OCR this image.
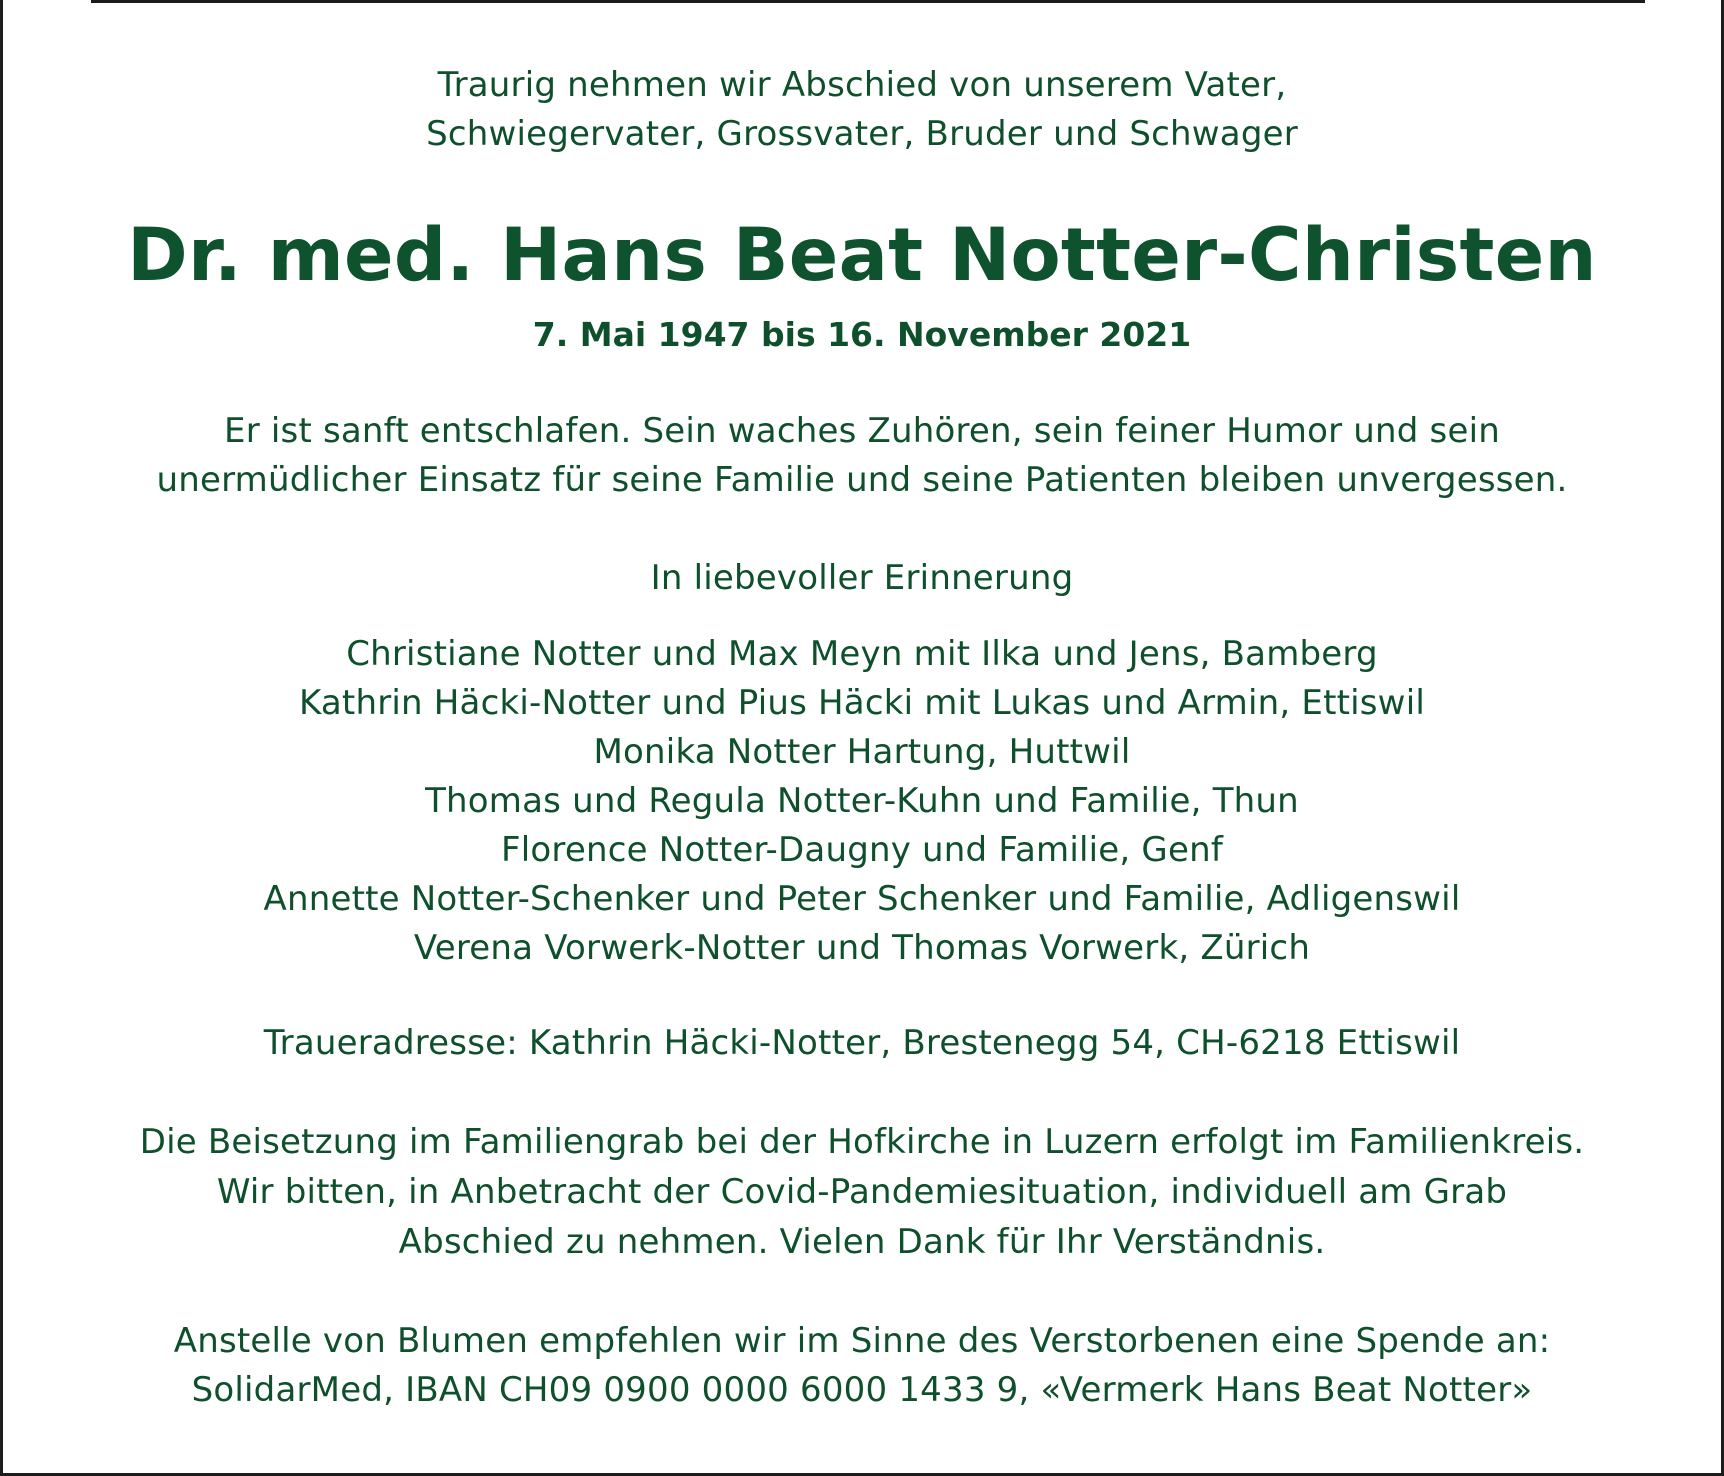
Traurig nehmen wir Abschied von unserem Vater,
Schwiegervater, Grossvater, Bruder und Schwager
Dr. med. Hans Beat Notter-Christen
7. Mai 1947 bis 16. November 2021
Er ist sanft entschlafen. Sein waches Zuhören, sein feiner Humor und sein
unermüdlicher Einsatz für seine Familie und seine Patienten bleiben unvergessen.
In liebevoller Erinnerung
Christiane Notter und Max Meyn mit Ilka und Jens, Bamberg
Kathrin Häcki-Notter und Pius Häcki mit Lukas und Armin, Ettiswil
Monika Notter Hartung, Huttwil
Thomas und Regula Notter-Kuhn und Familie, Thun
Florence Notter-Daugny und Familie, Genf
Annette Notter-Schenker und Peter Schenker und Familie, Adligenswil
Verena Vorwerk-Notter und Thomas Vorwerk, Zürich
Traueradresse: Kathrin Häcki-Notter, Brestenegg 54, CH-6218 Ettiswil
Die Beisetzung im Familiengrab bei der Hofkirche in Luzern erfolgt im Familienkreis.
Wir bitten, in Anbetracht der Covid-Pandemiesituation, individuell am Grab
Abschied zu nehmen. Vielen Dank für Ihr Verständnis.
Anstelle von Blumen empfehlen wir im Sinne des Verstorbenen eine Spende an:
SolidarMed, IBAN CH09 0900 0000 6000 1433 9, «Vermerk Hans Beat Notter»
